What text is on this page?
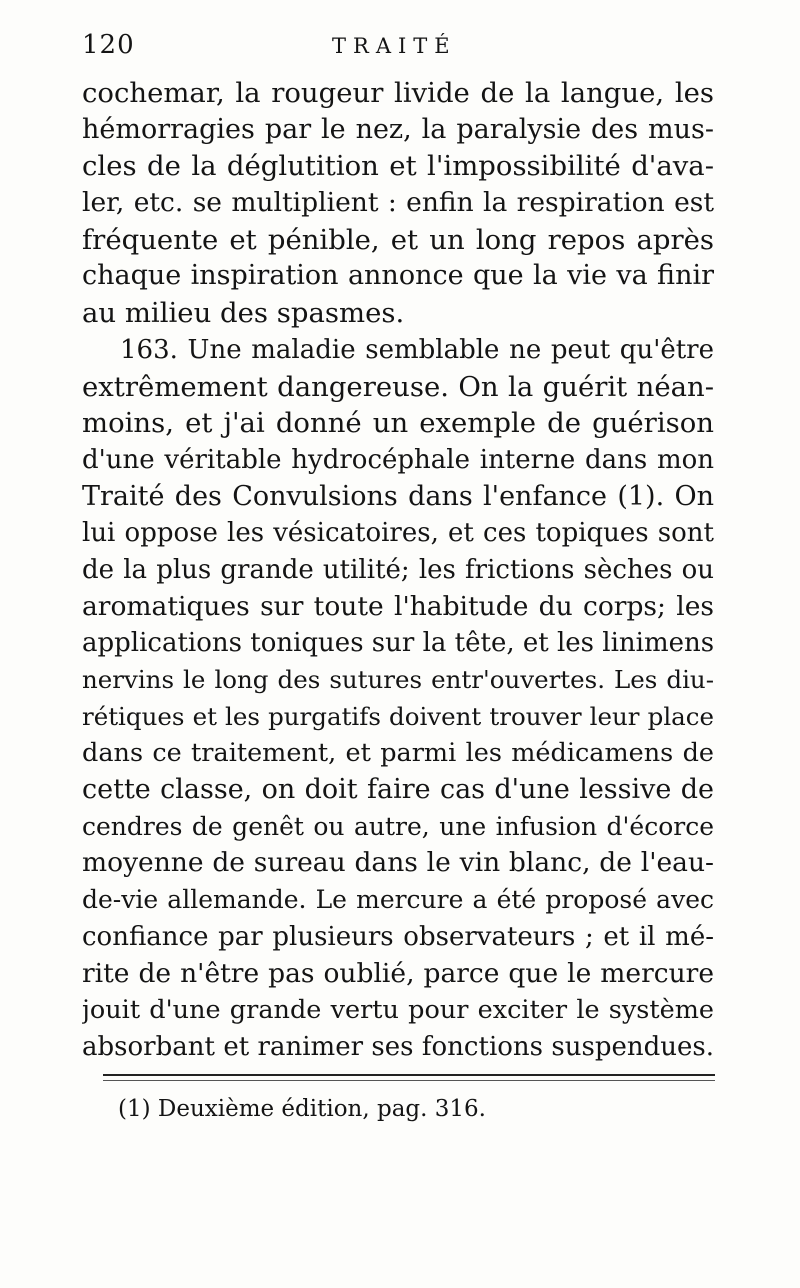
120	TRAITÉ
cochemar, la rougeur livide de la langue, les
hémorragies par le nez, la paralysie des mus-
cles de la déglutition et l'impossibilité d'ava-
ler, etc. se multiplient : enfin la respiration est
fréquente et pénible, et un long repos après
chaque inspiration annonce que la vie va finir
au milieu des spasmes.
163. Une maladie semblable ne peut qu'être
extrêmement dangereuse. On la guérit néan-
moins, et j'ai donné un exemple de guérison
d'une véritable hydrocéphale interne dans mon
Traité des Convulsions dans l'enfance (1). On
lui oppose les vésicatoires, et ces topiques sont
de la plus grande utilité; les frictions sèches ou
aromatiques sur toute l'habitude du corps; les
applications toniques sur la tête, et les linimens
nervins le long des sutures entr'ouvertes. Les diu-
rétiques et les purgatifs doivent trouver leur place
dans ce traitement, et parmi les médicamens de
cette classe, on doit faire cas d'une lessive de
cendres de genêt ou autre, une infusion d'écorce
moyenne de sureau dans le vin blanc, de l'eau-
de-vie allemande. Le mercure a été proposé avec
confiance par plusieurs observateurs ; et il mé-
rite de n'être pas oublié, parce que le mercure
jouit d'une grande vertu pour exciter le système
absorbant et ranimer ses fonctions suspendues.
(1) Deuxième édition, pag. 316.
